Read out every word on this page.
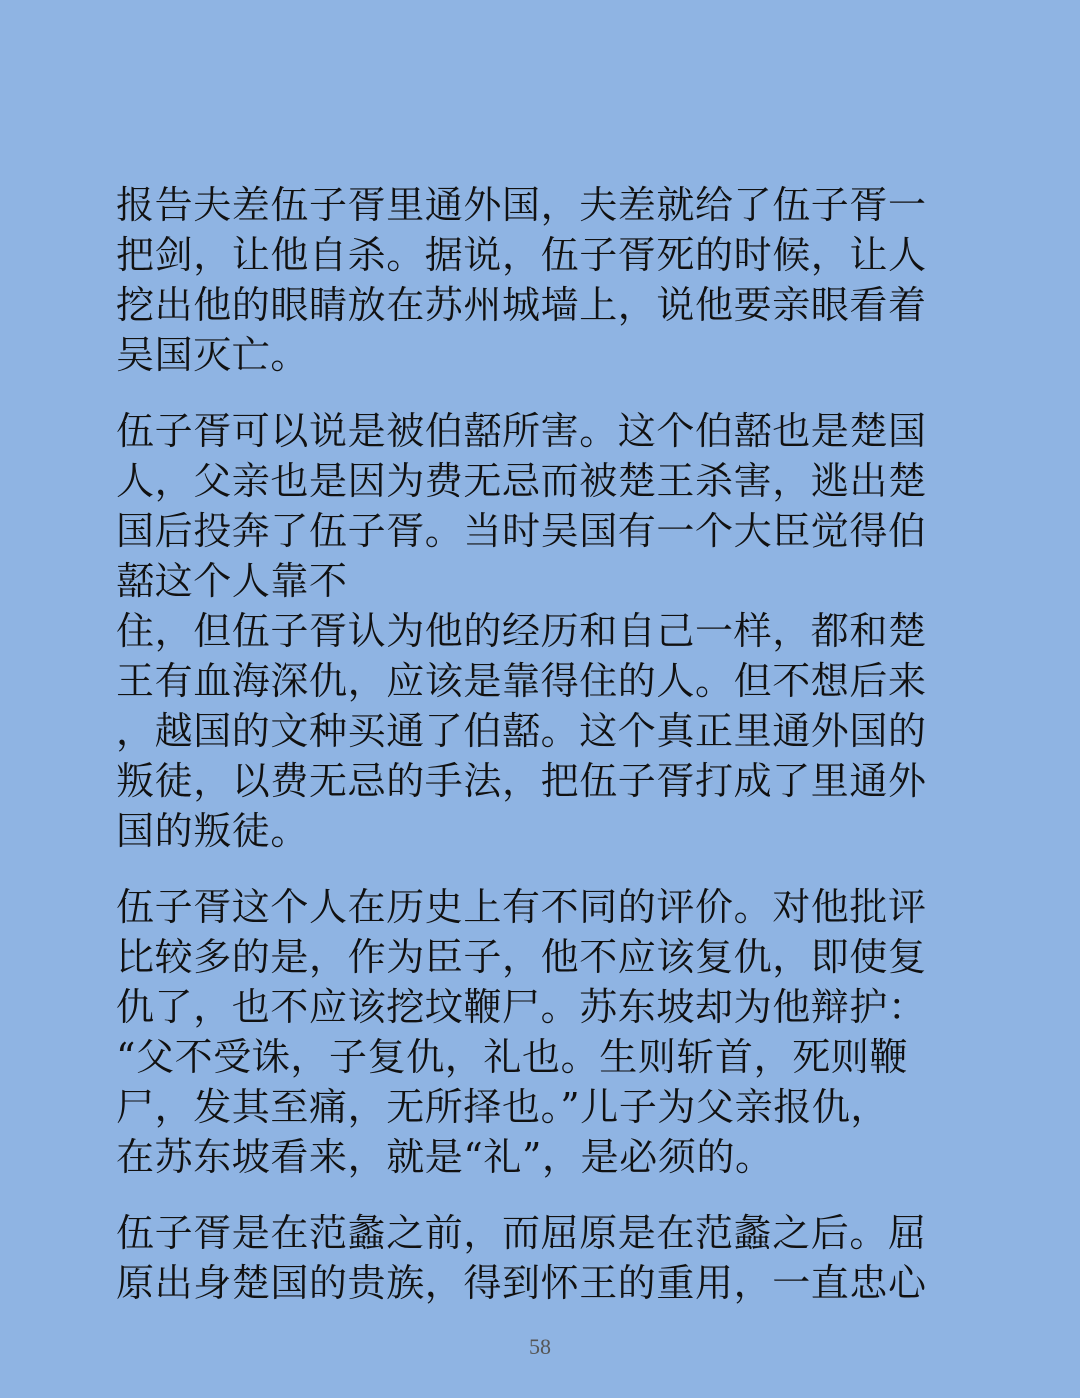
报告夫差伍子胥里通外国，夫差就给了伍子胥一
把剑，让他自杀。据说，伍子胥死的时候，让人
挖出他的眼睛放在苏州城墙上，说他要亲眼看着
吴国灭亡。
伍子胥可以说是被伯嚭所害。这个伯嚭也是楚国
人，父亲也是因为费无忌而被楚王杀害，逃出楚
国后投奔了伍子胥。当时吴国有一个大臣觉得伯
嚭这个人靠不
住，但伍子胥认为他的经历和自己一样，都和楚
王有血海深仇，应该是靠得住的人。但不想后来
，越国的文种买通了伯嚭。这个真正里通外国的
叛徒，以费无忌的手法，把伍子胥打成了里通外
国的叛徒。
伍子胥这个人在历史上有不同的评价。对他批评
比较多的是，作为臣子，他不应该复仇，即使复
仇了，也不应该挖坟鞭尸。苏东坡却为他辩护：
“父不受诛，子复仇，礼也。生则斩首，死则鞭
尸，发其至痛，无所择也。”儿子为父亲报仇，
在苏东坡看来，就是“礼”，是必须的。
伍子胥是在范蠡之前，而屈原是在范蠡之后。屈
原出身楚国的贵族，得到怀王的重用，一直忠心
58
